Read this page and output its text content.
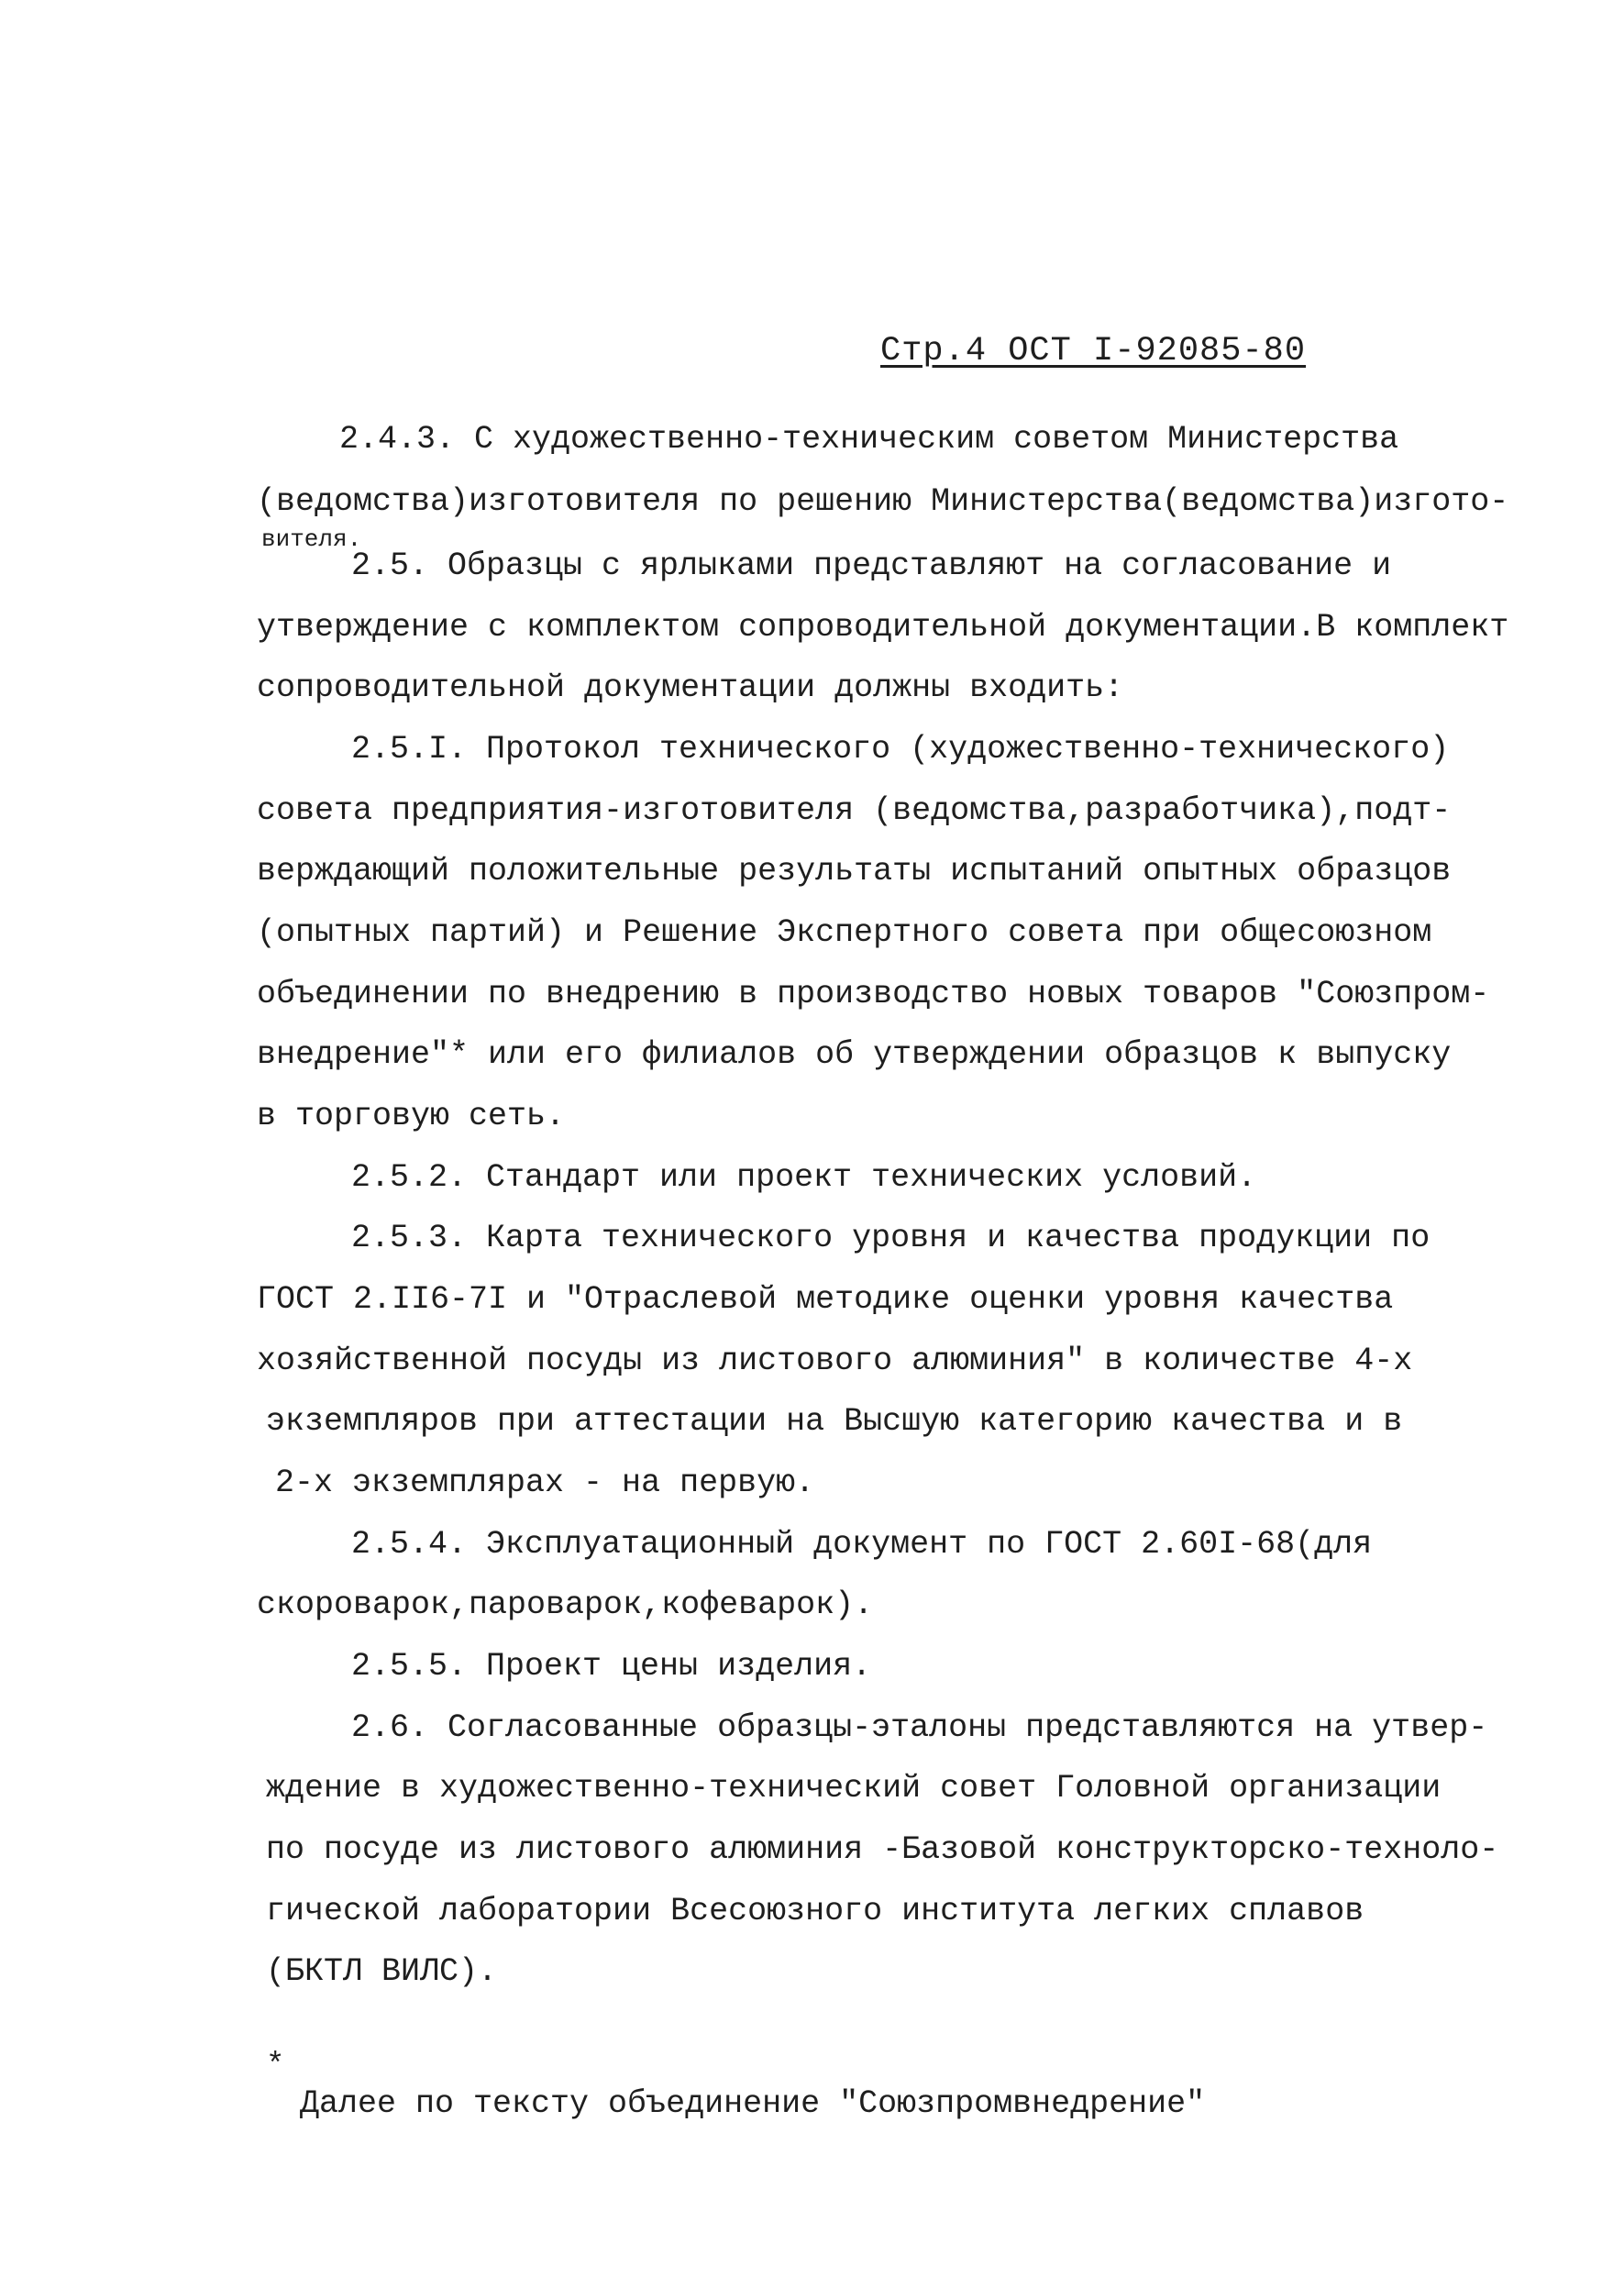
Стр.4 ОСТ I-92085-80
2.4.3. С художественно-техническим советом Министерства
(ведомства)изготовителя по решению Министерства(ведомства)изгото-
вителя.
2.5. Образцы с ярлыками представляют на согласование и
утверждение с комплектом сопроводительной документации.В комплект
сопроводительной документации должны входить:
2.5.I. Протокол технического (художественно-технического)
совета предприятия-изготовителя (ведомства,разработчика),подт-
верждающий положительные результаты испытаний опытных образцов
(опытных партий) и Решение Экспертного совета при общесоюзном
объединении по внедрению в производство новых товаров "Союзпром-
внедрение"* или его филиалов об утверждении образцов к выпуску
в торговую сеть.
2.5.2. Стандарт или проект технических условий.
2.5.3. Карта технического уровня и качества продукции по
ГОСТ 2.II6-7I и "Отраслевой методике оценки уровня качества
хозяйственной посуды из листового алюминия" в количестве 4-х
экземпляров при аттестации на Высшую категорию качества и в
2-х экземплярах - на первую.
2.5.4. Эксплуатационный документ по ГОСТ 2.60I-68(для
скороварок,пароварок,кофеварок).
2.5.5. Проект цены изделия.
2.6. Согласованные образцы-эталоны представляются на утвер-
ждение в художественно-технический совет Головной организации
по посуде из листового алюминия -Базовой конструкторско-техноло-
гической лаборатории Всесоюзного института легких сплавов
(БКТЛ ВИЛС).
*
Далее по тексту объединение "Союзпромвнедрение"
